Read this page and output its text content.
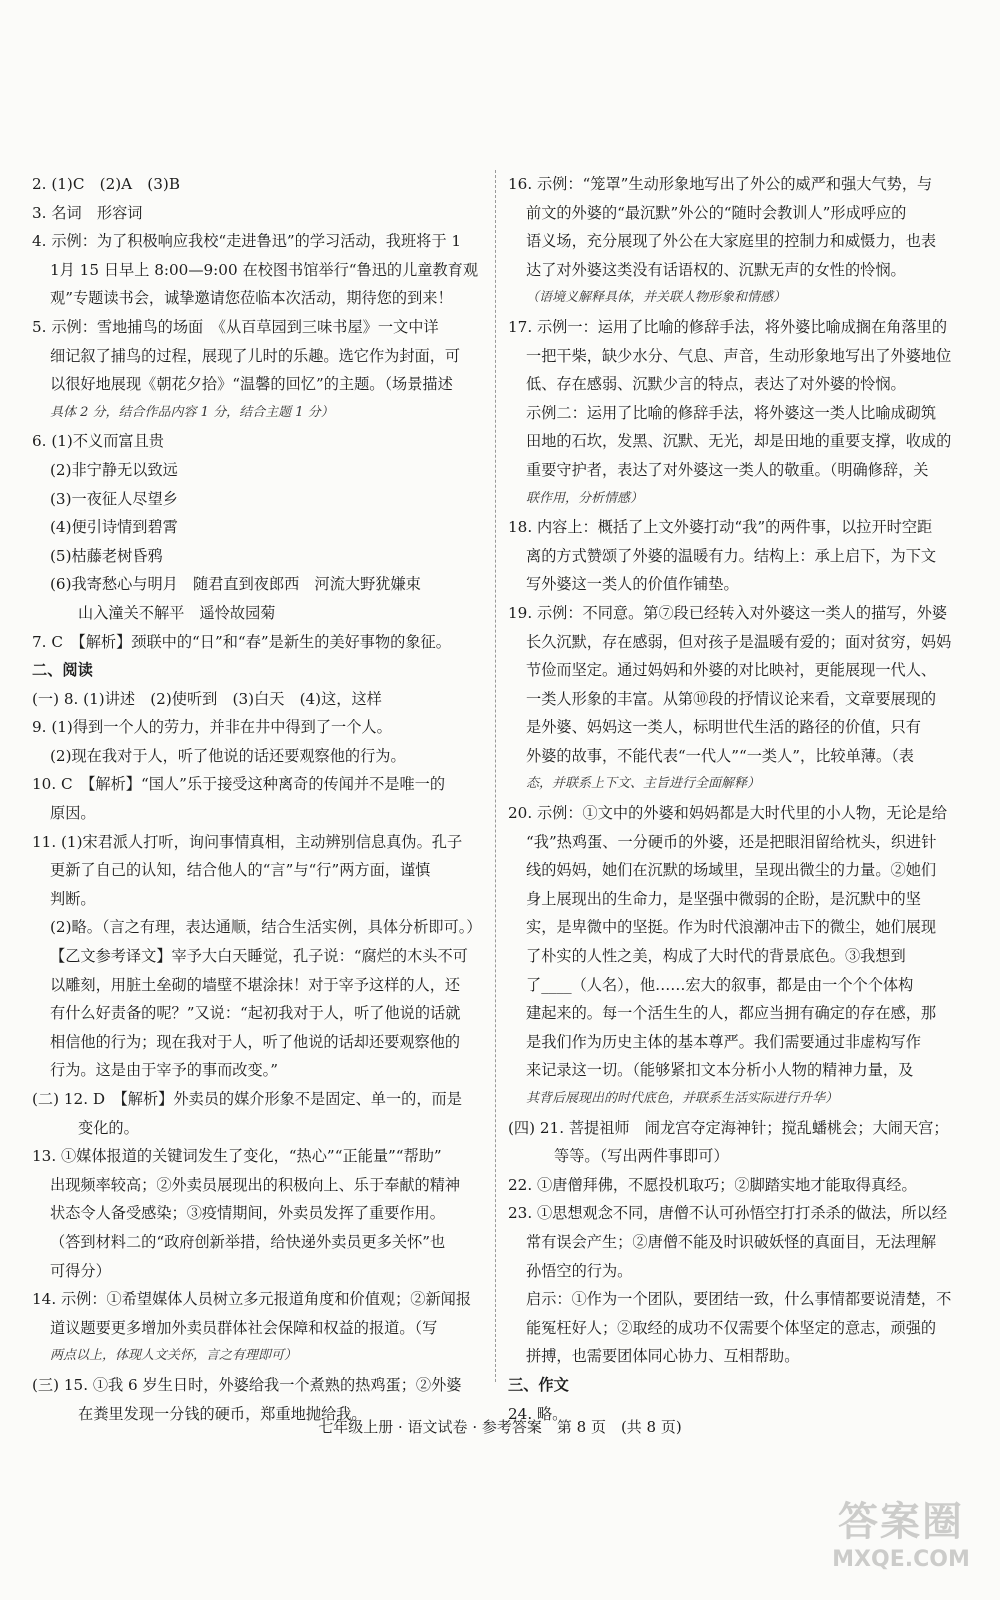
2. (1)C　(2)A　(3)B
3. 名词　形容词
4. 示例：为了积极响应我校“走进鲁迅”的学习活动，我班将于 1
1月 15 日早上 8:00—9:00 在校图书馆举行“鲁迅的儿童教育观
观”专题读书会，诚挚邀请您莅临本次活动，期待您的到来！
5. 示例：雪地捕鸟的场面　《从百草园到三味书屋》一文中详
细记叙了捕鸟的过程，展现了儿时的乐趣。选它作为封面，可
以很好地展现《朝花夕拾》“温馨的回忆”的主题。（场景描述
具体 2 分，结合作品内容 1 分，结合主题 1 分）
6. (1)不义而富且贵
(2)非宁静无以致远
(3)一夜征人尽望乡
(4)便引诗情到碧霄
(5)枯藤老树昏鸦
(6)我寄愁心与明月　随君直到夜郎西　河流大野犹嫌束
山入潼关不解平　遥怜故园菊
7. C　【解析】颈联中的“日”和“春”是新生的美好事物的象征。
二、阅读
(一) 8. (1)讲述　(2)使听到　(3)白天　(4)这，这样
9. (1)得到一个人的劳力，并非在井中得到了一个人。
(2)现在我对于人，听了他说的话还要观察他的行为。
10. C　【解析】“国人”乐于接受这种离奇的传闻并不是唯一的
原因。
11. (1)宋君派人打听，询问事情真相，主动辨别信息真伪。孔子
更新了自己的认知，结合他人的“言”与“行”两方面，谨慎
判断。
(2)略。（言之有理，表达通顺，结合生活实例，具体分析即可。）
【乙文参考译文】宰予大白天睡觉，孔子说：“腐烂的木头不可
以雕刻，用脏土垒砌的墙壁不堪涂抹！对于宰予这样的人，还
有什么好责备的呢？”又说：“起初我对于人，听了他说的话就
相信他的行为；现在我对于人，听了他说的话却还要观察他的
行为。这是由于宰予的事而改变。”
(二) 12. D　【解析】外卖员的媒介形象不是固定、单一的，而是
变化的。
13. ①媒体报道的关键词发生了变化，“热心”“正能量”“帮助”
出现频率较高；②外卖员展现出的积极向上、乐于奉献的精神
状态令人备受感染；③疫情期间，外卖员发挥了重要作用。
（答到材料二的“政府创新举措，给快递外卖员更多关怀”也
可得分）
14. 示例：①希望媒体人员树立多元报道角度和价值观；②新闻报
道议题要更多增加外卖员群体社会保障和权益的报道。（写
两点以上，体现人文关怀，言之有理即可）
(三) 15. ①我 6 岁生日时，外婆给我一个煮熟的热鸡蛋；②外婆
在粪里发现一分钱的硬币，郑重地抛给我。
16. 示例：“笼罩”生动形象地写出了外公的威严和强大气势，与
前文的外婆的“最沉默”外公的“随时会教训人”形成呼应的
语义场，充分展现了外公在大家庭里的控制力和威慑力，也表
达了对外婆这类没有话语权的、沉默无声的女性的怜悯。
（语境义解释具体，并关联人物形象和情感）
17. 示例一：运用了比喻的修辞手法，将外婆比喻成搁在角落里的
一把干柴，缺少水分、气息、声音，生动形象地写出了外婆地位
低、存在感弱、沉默少言的特点，表达了对外婆的怜悯。
示例二：运用了比喻的修辞手法，将外婆这一类人比喻成砌筑
田地的石坎，发黑、沉默、无光，却是田地的重要支撑，收成的
重要守护者，表达了对外婆这一类人的敬重。（明确修辞，关
联作用，分析情感）
18. 内容上：概括了上文外婆打动“我”的两件事，以拉开时空距
离的方式赞颂了外婆的温暖有力。结构上：承上启下，为下文
写外婆这一类人的价值作铺垫。
19. 示例：不同意。第⑦段已经转入对外婆这一类人的描写，外婆
长久沉默，存在感弱，但对孩子是温暖有爱的；面对贫穷，妈妈
节俭而坚定。通过妈妈和外婆的对比映衬，更能展现一代人、
一类人形象的丰富。从第⑩段的抒情议论来看，文章要展现的
是外婆、妈妈这一类人，标明世代生活的路径的价值，只有
外婆的故事，不能代表“一代人”“一类人”，比较单薄。（表
态，并联系上下文、主旨进行全面解释）
20. 示例：①文中的外婆和妈妈都是大时代里的小人物，无论是给
“我”热鸡蛋、一分硬币的外婆，还是把眼泪留给枕头，织进针
线的妈妈，她们在沉默的场域里，呈现出微尘的力量。②她们
身上展现出的生命力，是坚强中微弱的企盼，是沉默中的坚
实，是卑微中的坚挺。作为时代浪潮冲击下的微尘，她们展现
了朴实的人性之美，构成了大时代的背景底色。③我想到
了____（人名），他……宏大的叙事，都是由一个个个体构
建起来的。每一个活生生的人，都应当拥有确定的存在感，那
是我们作为历史主体的基本尊严。我们需要通过非虚构写作
来记录这一切。（能够紧扣文本分析小人物的精神力量，及
其背后展现出的时代底色，并联系生活实际进行升华）
(四) 21. 菩提祖师　闹龙宫夺定海神针；搅乱蟠桃会；大闹天宫；
等等。（写出两件事即可）
22. ①唐僧拜佛，不愿投机取巧；②脚踏实地才能取得真经。
23. ①思想观念不同，唐僧不认可孙悟空打打杀杀的做法，所以经
常有误会产生；②唐僧不能及时识破妖怪的真面目，无法理解
孙悟空的行为。
启示：①作为一个团队，要团结一致，什么事情都要说清楚，不
能冤枉好人；②取经的成功不仅需要个体坚定的意志，顽强的
拼搏，也需要团体同心协力、互相帮助。
三、作文
24. 略。
七年级上册 · 语文试卷 · 参考答案　第 8 页　(共 8 页)
答案圈
MXQE.COM
